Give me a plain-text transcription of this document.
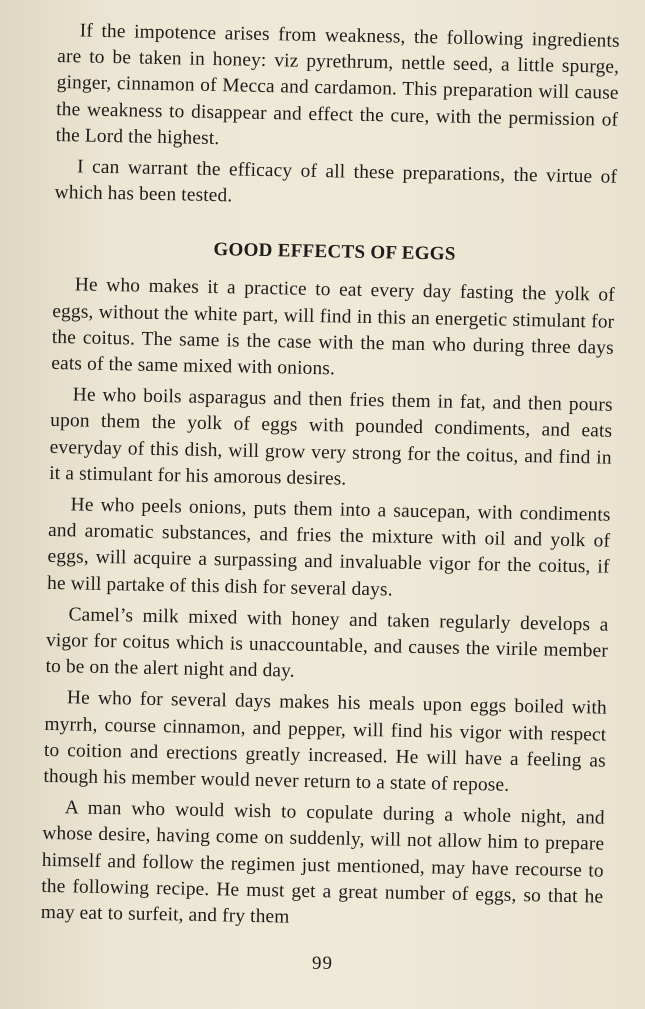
If the impotence arises from weakness, the following ingredients are to be taken in honey: viz pyrethrum, nettle seed, a little spurge, ginger, cinnamon of Mecca and cardamon. This preparation will cause the weakness to disappear and effect the cure, with the permission of the Lord the highest.

I can warrant the efficacy of all these preparations, the virtue of which has been tested.

GOOD EFFECTS OF EGGS

He who makes it a practice to eat every day fasting the yolk of eggs, without the white part, will find in this an energetic stimulant for the coitus. The same is the case with the man who during three days eats of the same mixed with onions.

He who boils asparagus and then fries them in fat, and then pours upon them the yolk of eggs with pounded condiments, and eats everyday of this dish, will grow very strong for the coitus, and find in it a stimulant for his amorous desires.

He who peels onions, puts them into a saucepan, with condiments and aromatic substances, and fries the mixture with oil and yolk of eggs, will acquire a surpassing and invaluable vigor for the coitus, if he will partake of this dish for several days.

Camel’s milk mixed with honey and taken regularly develops a vigor for coitus which is unaccountable, and causes the virile member to be on the alert night and day.

He who for several days makes his meals upon eggs boiled with myrrh, course cinnamon, and pepper, will find his vigor with respect to coition and erections greatly increased. He will have a feeling as though his member would never return to a state of repose.

A man who would wish to copulate during a whole night, and whose desire, having come on suddenly, will not allow him to prepare himself and follow the regimen just mentioned, may have recourse to the following recipe. He must get a great number of eggs, so that he may eat to surfeit, and fry them

99
